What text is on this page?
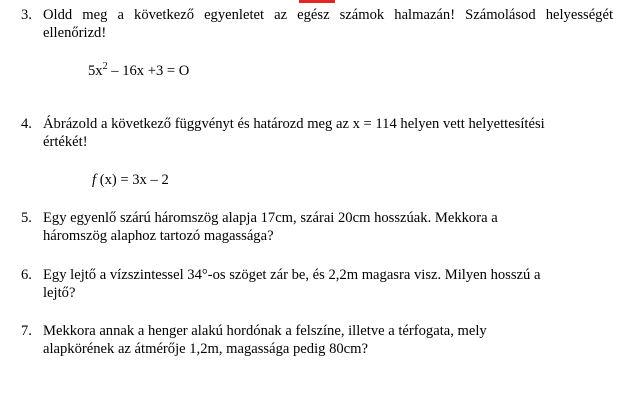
3. Oldd meg a következő egyenletet az egész számok halmazán! Számolásod helyességét
ellenőrizd!
$5x^2 - 16x +3 = O$
4. Ábrázold a következő függvényt és határozd meg az x = 114 helyen vett helyettesítési
értékét!
f (x) = 3x – 2
5. Egy egyenlő szárú háromszög alapja 17cm, szárai 20cm hosszúak. Mekkora a
háromszög alaphoz tartozó magassága?
6. Egy lejtő a vízszintessel 34°-os szöget zár be, és 2,2m magasra visz. Milyen hosszú a
lejtő?
7. Mekkora annak a henger alakú hordónak a felszíne, illetve a térfogata, mely
alapkörének az átmérője 1,2m, magassága pedig 80cm?
